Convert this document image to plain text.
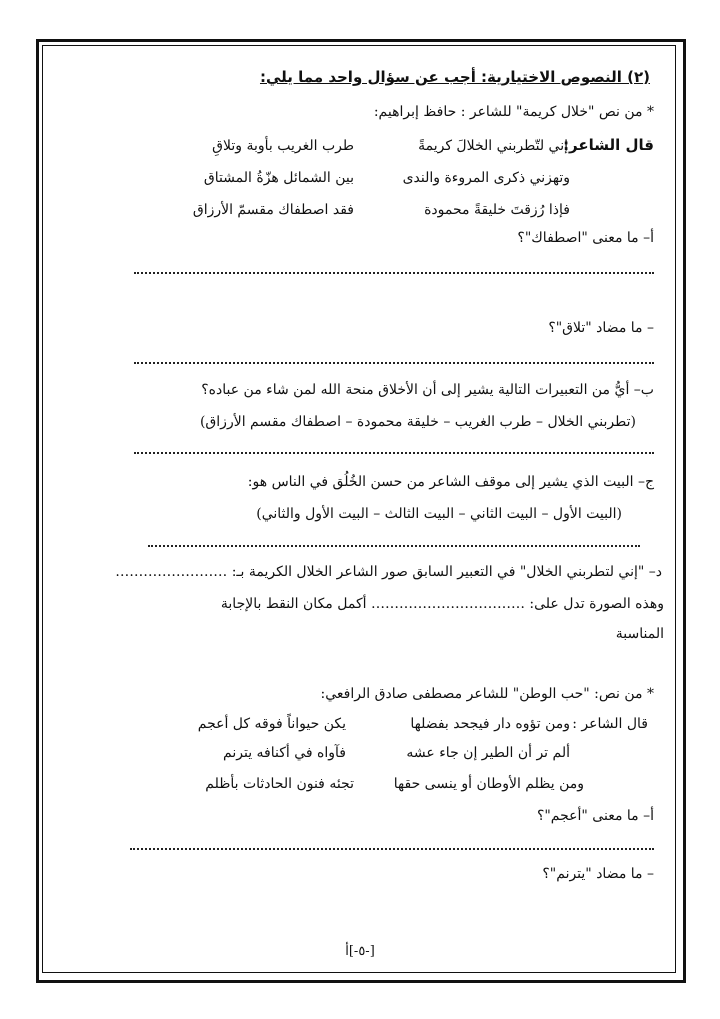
(٢) النصوص الاختيارية: أجب عن سؤال واحد مما يلي:
* من نص "خلال كريمة" للشاعر : حافظ إبراهيم:
قال الشاعر:
إني لتّطربني الخلالَ كريمةً
طرب الغريب بأوبة وتلاقِ
وتهزني ذكرى المروءة والندى
بين الشمائل هزّةُ المشتاق
فإذا رُزقتَ خليقةً محمودة
فقد اصطفاك مقسمّ الأرزاق
أ– ما معنى "اصطفاك"؟
– ما مضاد "تلاق"؟
ب– أيُّ من التعبيرات التالية يشير إلى أن الأخلاق منحة الله لمن شاء من عباده؟
(تطربني الخلال – طرب الغريب – خليقة محمودة – اصطفاك مقسم الأرزاق)
ج– البيت الذي يشير إلى موقف الشاعر من حسن الخُلُق في الناس هو:
(البيت الأول – البيت الثاني – البيت الثالث – البيت الأول والثاني)
د– "إني لتطربني الخلال" في التعبير السابق صور الشاعر الخلال الكريمة بـ: ……………………
وهذه الصورة تدل على: …………………………… أكمل مكان النقط بالإجابة
المناسبة
* من نص: "حب الوطن" للشاعر مصطفى صادق الرافعي:
قال الشاعر :
ومن تؤوه دار فيجحد بفضلها
يكن حيواناً فوقه كل أعجم
ألم تر أن الطير إن جاء عشه
فآواه في أكنافه يترنم
ومن يظلم الأوطان أو ينسى حقها
تجئه فنون الحادثات بأظلم
أ– ما معنى "أعجم"؟
– ما مضاد "يترنم"؟
[-٥-]أ
